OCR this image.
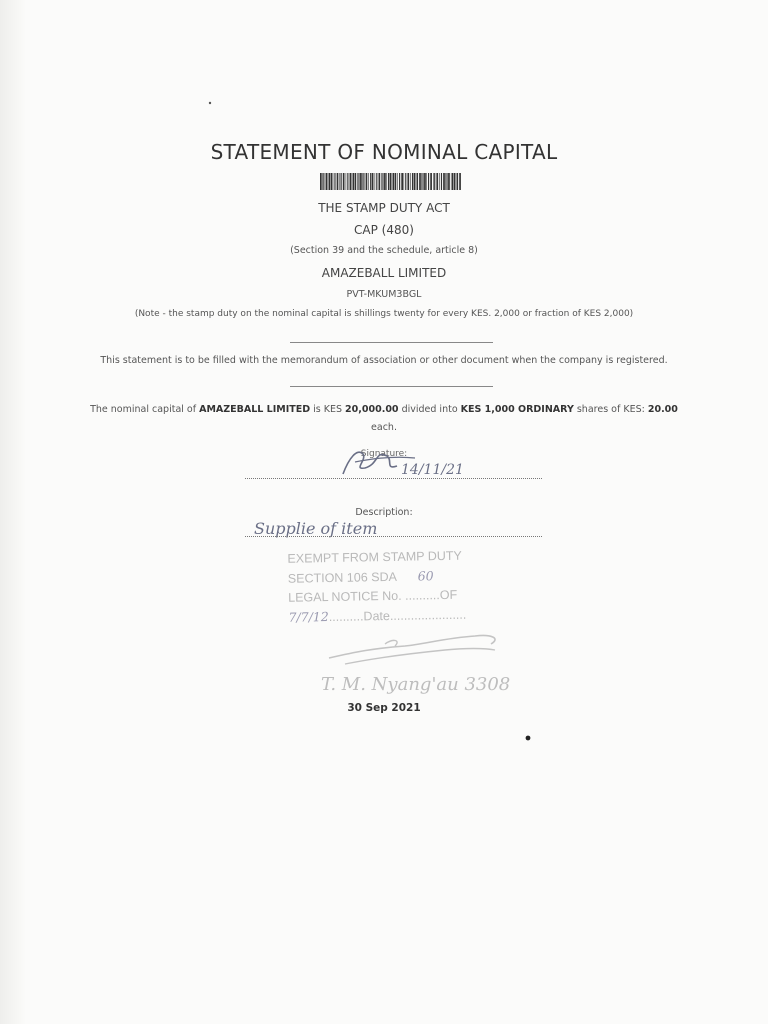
STATEMENT OF NOMINAL CAPITAL
THE STAMP DUTY ACT
CAP (480)
(Section 39 and the schedule, article 8)
AMAZEBALL LIMITED
PVT-MKUM3BGL
(Note - the stamp duty on the nominal capital is shillings twenty for every KES. 2,000 or fraction of KES 2,000)
This statement is to be filled with the memorandum of association or other document when the company is registered.
The nominal capital of AMAZEBALL LIMITED is KES 20,000.00 divided into KES 1,000 ORDINARY shares of KES: 20.00
each.
Signature:
14/11/21
Description:
Supplie of item
EXEMPT FROM STAMP DUTY
SECTION 106 SDA 60
LEGAL NOTICE No. ..........OF
7/7/12..........Date......................
T. M. Nyang'au 3308
30 Sep 2021
